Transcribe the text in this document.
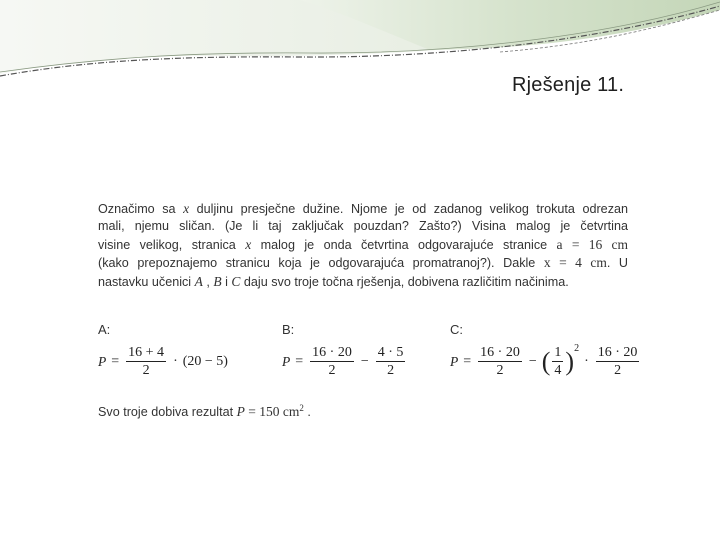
Rješenje 11.
Označimo sa x duljinu presječne dužine. Njome je od zadanog velikog trokuta odrezan
mali, njemu sličan. (Je li taj zaključak pouzdan? Zašto?) Visina malog je četvrtina
visine velikog, stranica x malog je onda četvrtina odgovarajuće stranice a = 16 cm
(kako prepoznajemo stranicu koja je odgovarajuća promatranoj?). Dakle x = 4 cm. U
nastavku učenici A , B i C daju svo troje točna rješenja, dobivena različitim načinima.
A:
$P = \frac{16 + 4}{2} \cdot (20 - 5)$
B:
$P = \frac{16 \cdot 20}{2} - \frac{4 \cdot 5}{2}$
C:
$P = \frac{16 \cdot 20}{2}$ − ( $\frac{1}{4}$ ) 2
· $\frac{16 \cdot 20}{2}$
Svo troje dobiva rezultat P = 150 $cm^2$ .
